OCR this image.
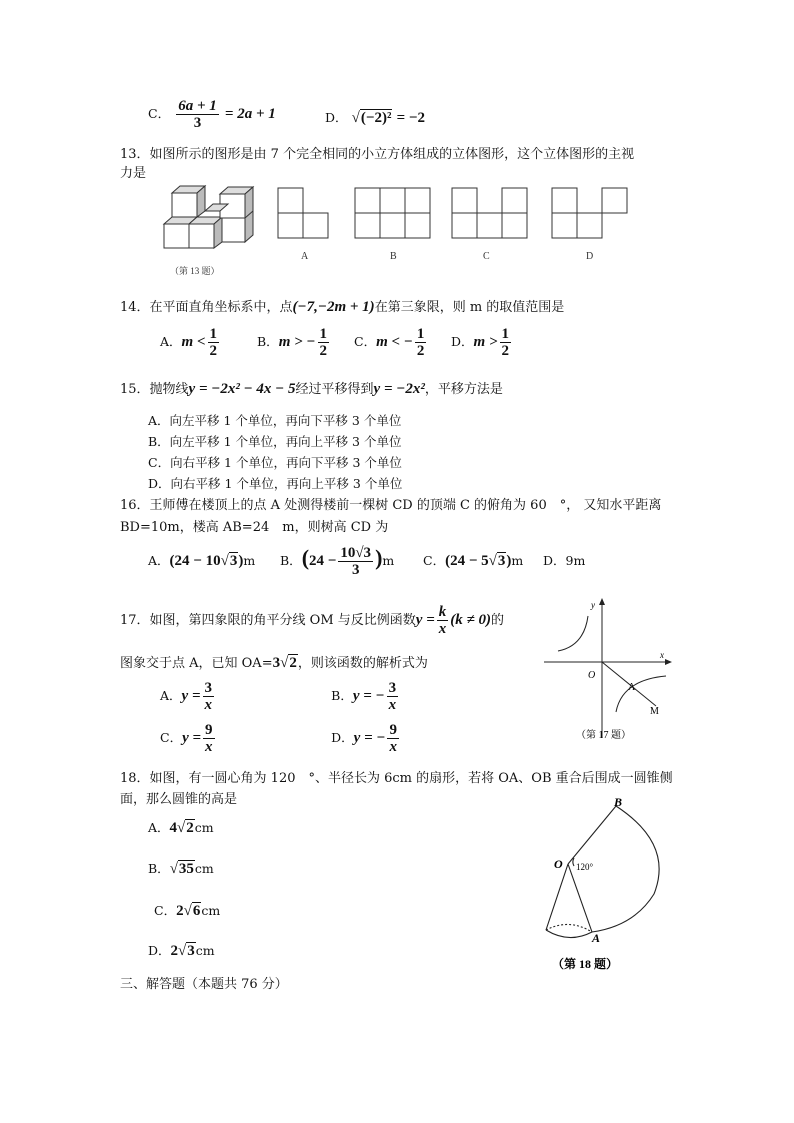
C． $\frac{6a + 1}{3} = 2a + 1$	D． √(−2)² = −2
13．如图所示的图形是由 7 个完全相同的小立方体组成的立体图形，这个立体图形的主视
力是
（第 13 题）
A	B	C	D
14．在平面直角坐标系中，点(−7,−2m + 1)在第三象限，则 m 的取值范围是
A．$m < \frac{1}{2}$	B．m > − $\frac{1}{2}$ C．m < − $\frac{1}{2}$ D．$m > \frac{1}{2}$
15．抛物线y = −2x² − 4x − 5经过平移得到y = −2x²，平移方法是
A．向左平移 1 个单位，再向下平移 3 个单位
B．向左平移 1 个单位，再向上平移 3 个单位
C．向右平移 1 个单位，再向下平移 3 个单位
D．向右平移 1 个单位，再向上平移 3 个单位
16．王师傅在楼顶上的点 A 处测得楼前一棵树 CD 的顶端 C 的俯角为 60　°， 又知水平距离
BD=10m，楼高 AB=24　m，则树高 CD 为
A．(24 − 10√3)m B．$(24 - \frac{10√3}{3} )m$ C．(24 − 5√3)m D．9m
17．如图，第四象限的角平分线 OM 与反比例函数$y = \frac{k}{x} (k \ne 0)$的
图象交于点 A，已知 OA=3√2，则该函数的解析式为
A．$y = \frac{3}{x}$	B．y = − $\frac{3}{x}$
C．$y = \frac{9}{x}$	D．y = − $\frac{9}{x}$
y
x
O
A
M
（第 17 题）
18．如图，有一圆心角为 120　°、半径长为 6cm 的扇形，若将 OA、OB 重合后围成一圆锥侧
面，那么圆锥的高是
A．4√2cm
B．√35cm
C．2√6cm
D．2√3cm
B
O 120°
A
（第 18 题）
三、解答题（本题共 76 分）
